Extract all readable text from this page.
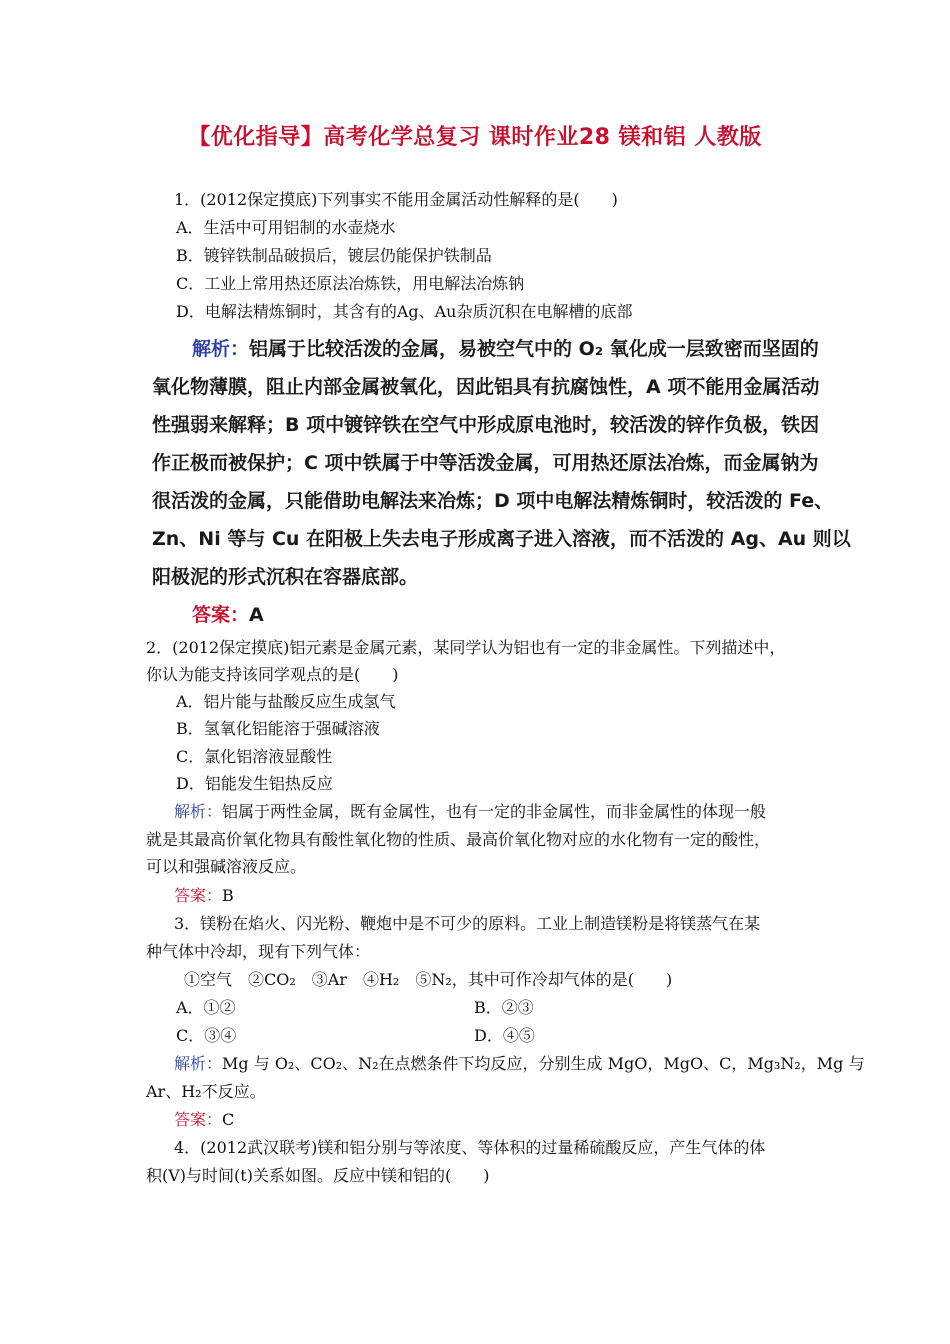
【优化指导】高考化学总复习 课时作业28 镁和铝 人教版
1．(2012保定摸底)下列事实不能用金属活动性解释的是(　　)
A．生活中可用铝制的水壶烧水
B．镀锌铁制品破损后，镀层仍能保护铁制品
C．工业上常用热还原法冶炼铁，用电解法冶炼钠
D．电解法精炼铜时，其含有的Ag、Au杂质沉积在电解槽的底部
解析：铝属于比较活泼的金属，易被空气中的 O₂ 氧化成一层致密而坚固的
氧化物薄膜，阻止内部金属被氧化，因此铝具有抗腐蚀性，A 项不能用金属活动
性强弱来解释；B 项中镀锌铁在空气中形成原电池时，较活泼的锌作负极，铁因
作正极而被保护；C 项中铁属于中等活泼金属，可用热还原法冶炼，而金属钠为
很活泼的金属，只能借助电解法来冶炼；D 项中电解法精炼铜时，较活泼的 Fe、
Zn、Ni 等与 Cu 在阳极上失去电子形成离子进入溶液，而不活泼的 Ag、Au 则以
阳极泥的形式沉积在容器底部。
答案：A
2．(2012保定摸底)铝元素是金属元素，某同学认为铝也有一定的非金属性。下列描述中，
你认为能支持该同学观点的是(　　)
A．铝片能与盐酸反应生成氢气
B．氢氧化铝能溶于强碱溶液
C．氯化铝溶液显酸性
D．铝能发生铝热反应
解析：铝属于两性金属，既有金属性，也有一定的非金属性，而非金属性的体现一般
就是其最高价氧化物具有酸性氧化物的性质、最高价氧化物对应的水化物有一定的酸性，
可以和强碱溶液反应。
答案：B
3．镁粉在焰火、闪光粉、鞭炮中是不可少的原料。工业上制造镁粉是将镁蒸气在某
种气体中冷却，现有下列气体：
①空气　②CO₂　③Ar　④H₂　⑤N₂，其中可作冷却气体的是(　　)
A．①②	B．②③
C．③④	D．④⑤
解析：Mg 与 O₂、CO₂、N₂在点燃条件下均反应，分别生成 MgO，MgO、C，Mg₃N₂，Mg 与
Ar、H₂不反应。
答案：C
4．(2012武汉联考)镁和铝分别与等浓度、等体积的过量稀硫酸反应，产生气体的体
积(V)与时间(t)关系如图。反应中镁和铝的(　　)
